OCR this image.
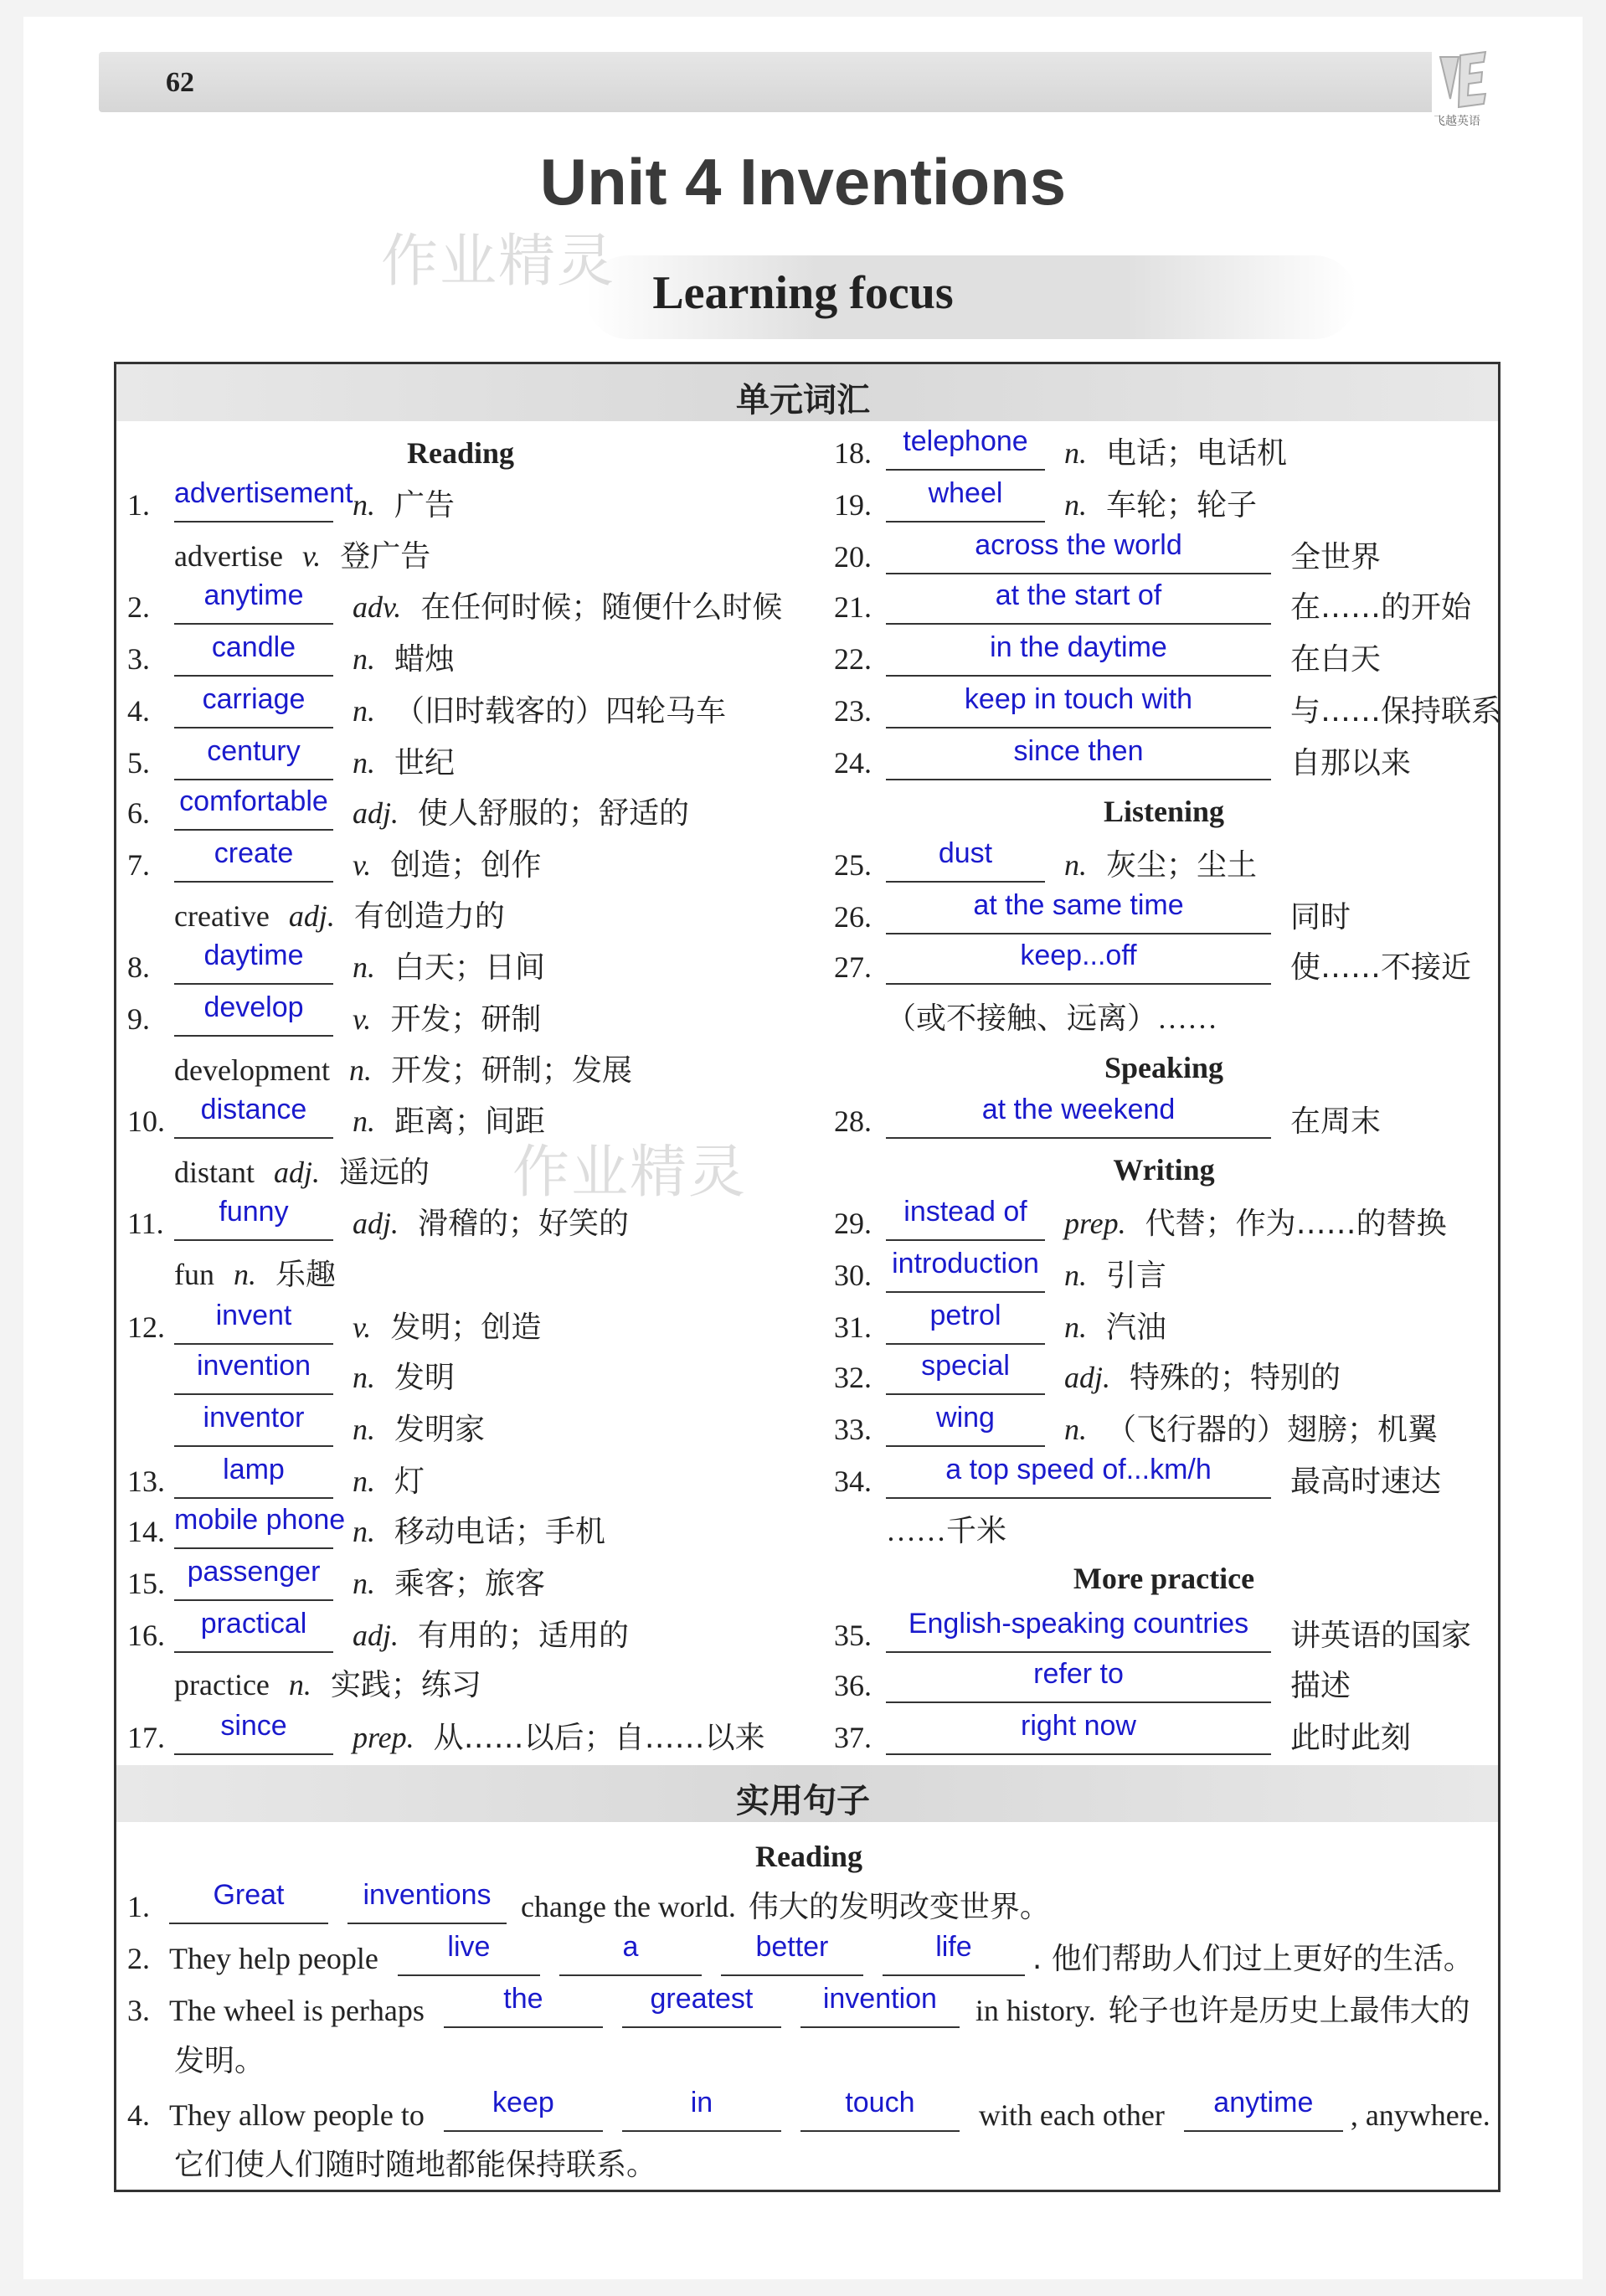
62
飞越英语
Unit 4 Inventions
Learning focus
作业精灵
作业精灵
单元词汇
Reading
Listening
Speaking
Writing
More practice
1. advertisement n. 广告
advertise v. 登广告
2. anytime adv. 在任何时候；随便什么时候
3. candle n. 蜡烛
4. carriage n. （旧时载客的）四轮马车
5. century n. 世纪
6. comfortable adj. 使人舒服的；舒适的
7. create v. 创造；创作
creative adj. 有创造力的
8. daytime n. 白天；日间
9. develop v. 开发；研制
development n. 开发；研制；发展
10. distance n. 距离；间距
distant adj. 遥远的
11. funny adj. 滑稽的；好笑的
fun n. 乐趣
12. invent v. 发明；创造
invention n. 发明
inventor n. 发明家
13. lamp n. 灯
14. mobile phone n. 移动电话；手机
15. passenger n. 乘客；旅客
16. practical adj. 有用的；适用的
practice n. 实践；练习
17. since prep. 从……以后；自……以来
18. telephone n. 电话；电话机
19. wheel n. 车轮；轮子
20.	across the world	全世界
21.	at the start of	在……的开始
22.	in the daytime	在白天
23.	keep in touch with	与……保持联系
24.	since then	自那以来
25. dust n. 灰尘；尘土
26.	at the same time	同时
27.	keep...off	使……不接近
（或不接触、远离）……
28.	at the weekend	在周末
29. instead of prep. 代替；作为……的替换
30. introduction n. 引言
31. petrol n. 汽油
32. special adj. 特殊的；特别的
33. wing n. （飞行器的）翅膀；机翼
34.	a top speed of...km/h	最高时速达
……千米
35. English-speaking countries 讲英语的国家
36.	refer to	描述
37.	right now	此时此刻
实用句子
Reading
1. Great	inventions change the world. 伟大的发明改变世界。
2. They help people live	a	better	life . 他们帮助人们过上更好的生活。
3. The wheel is perhaps	the	greatest invention in history. 轮子也许是历史上最伟大的
发明。
4. They allow people to keep	in	touch with each other anytime , anywhere.
它们使人们随时随地都能保持联系。
